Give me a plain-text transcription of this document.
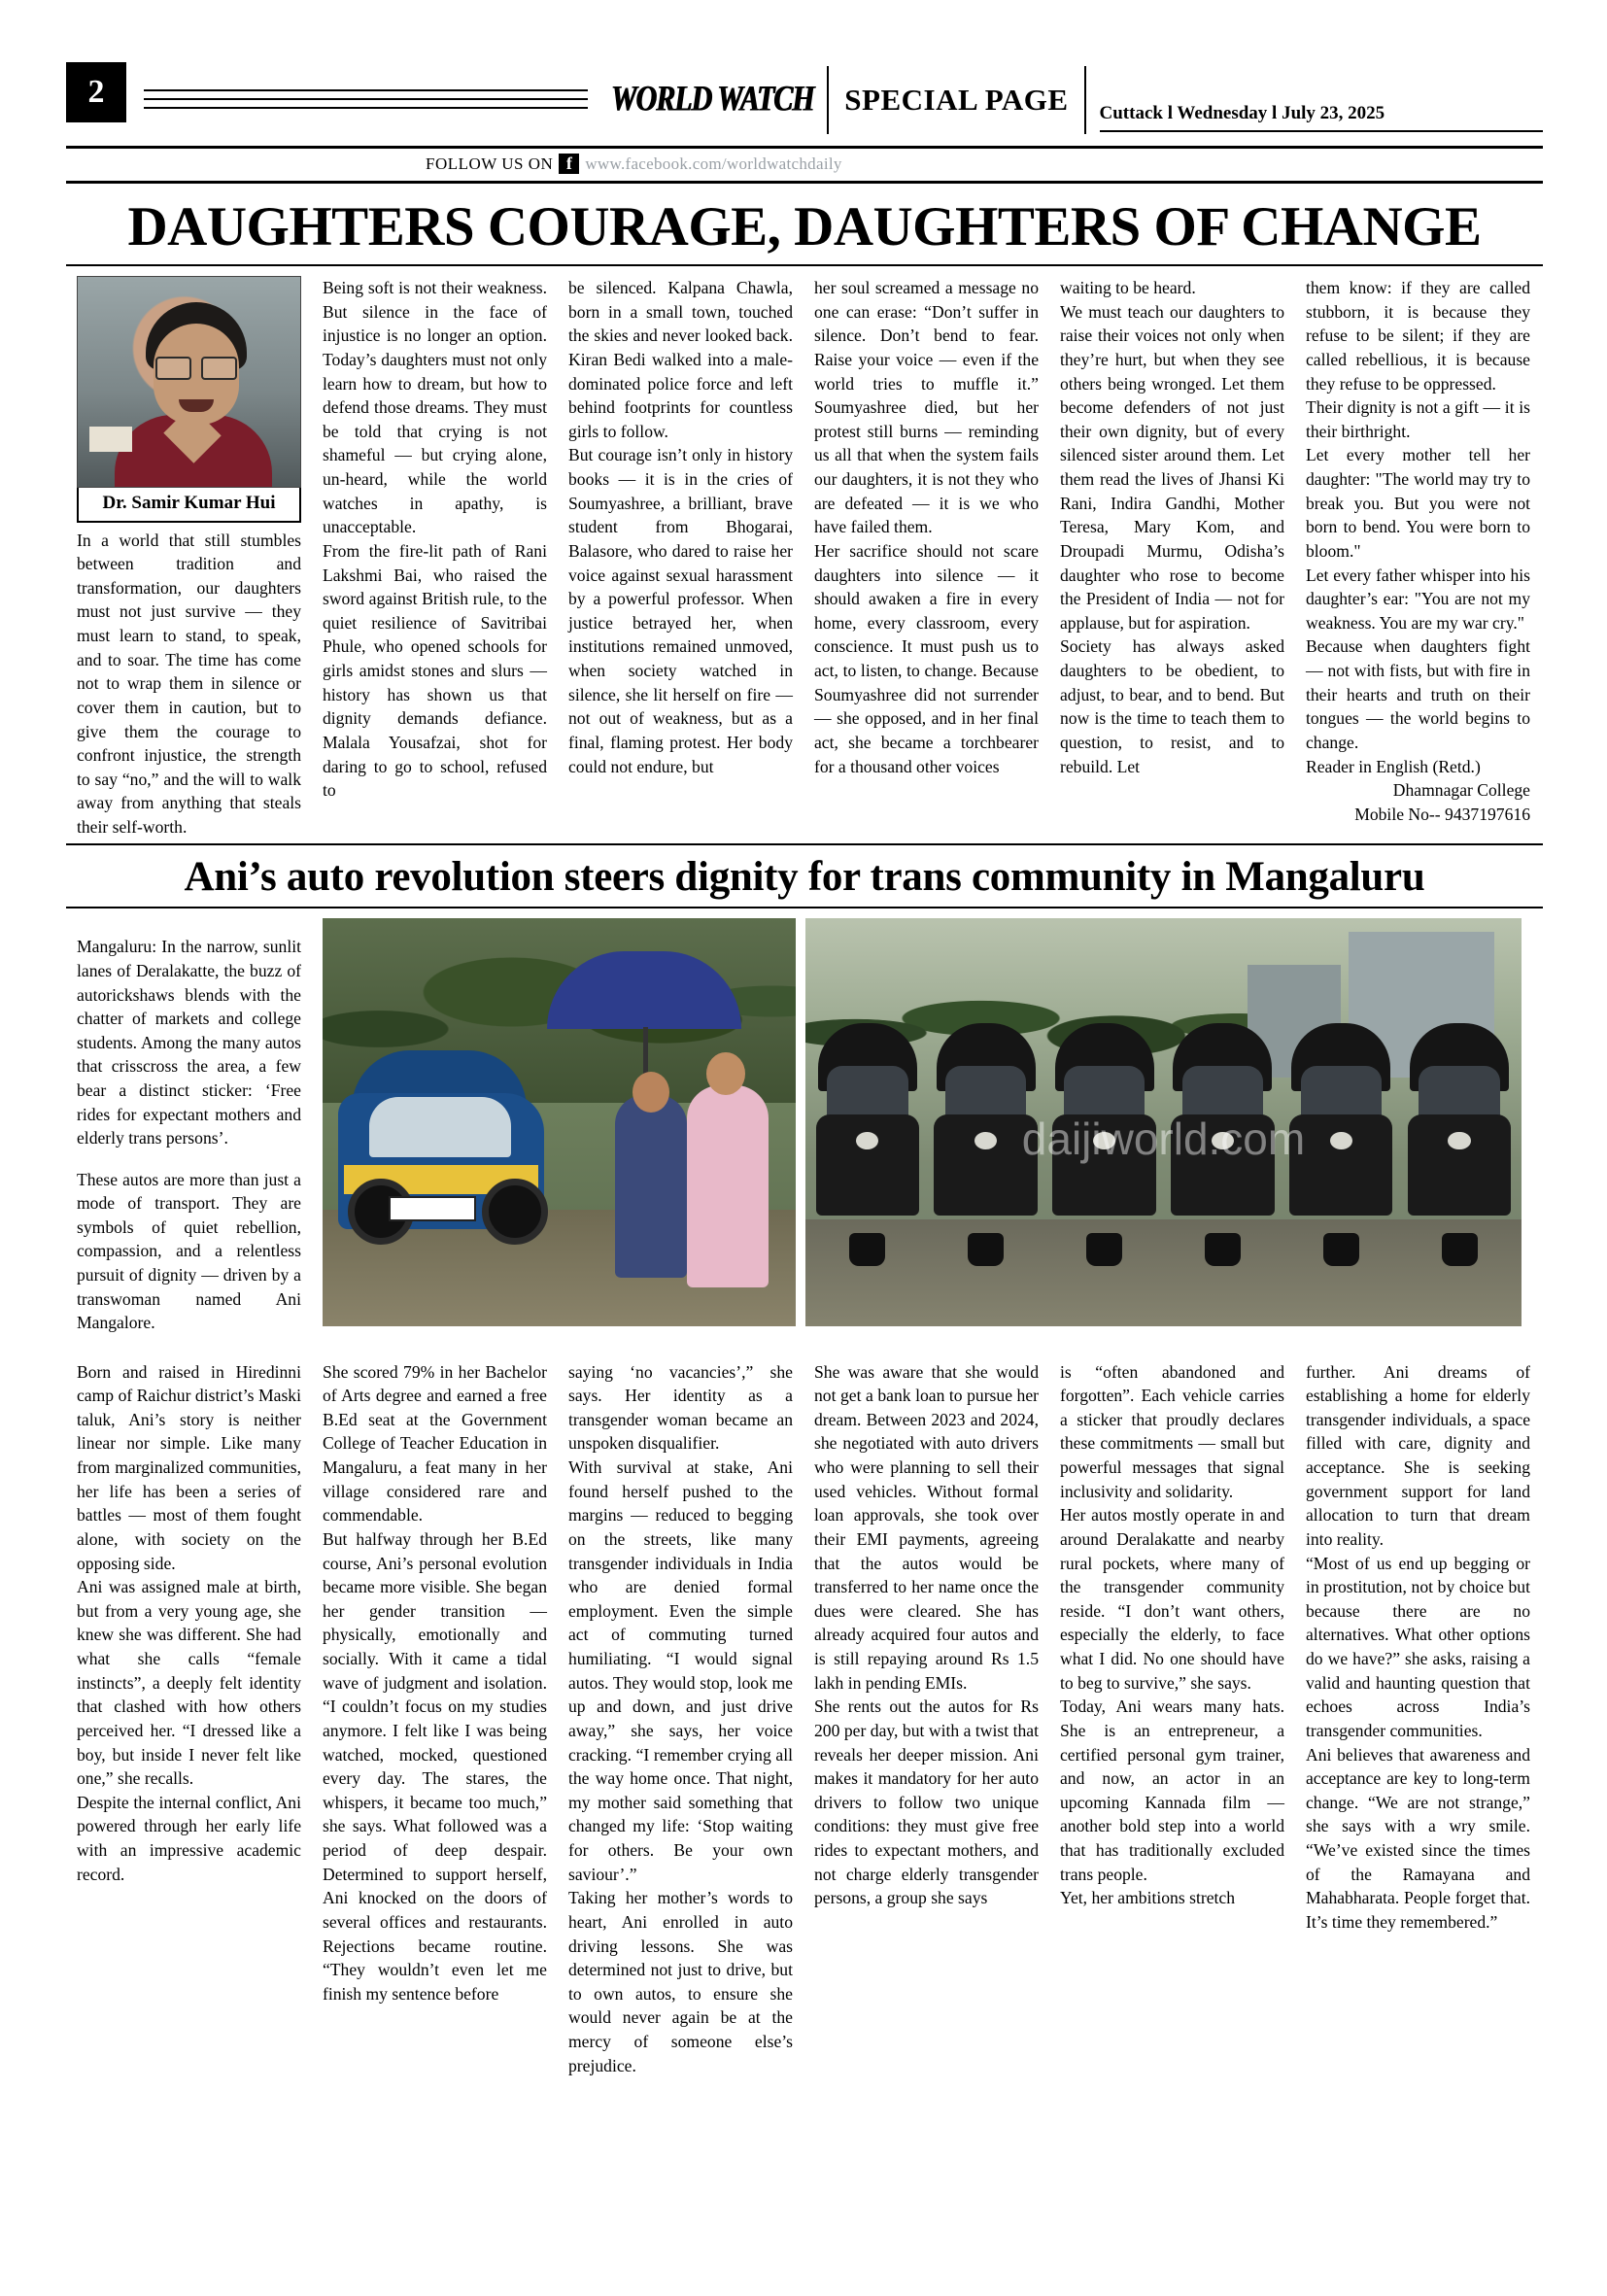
2	WORLD WATCH	SPECIAL PAGE Cuttack l Wednesday l July 23, 2025
FOLLOW US ON f www.facebook.com/worldwatchdaily
DAUGHTERS COURAGE, DAUGHTERS OF CHANGE
Dr. Samir Kumar Hui

In a world that still stumbles between tradition and transformation, our daughters must not just survive — they must learn to stand, to speak, and to soar. The time has come not to wrap them in silence or cover them in caution, but to give them the courage to confront injustice, the strength to say “no,” and the will to walk away from anything that steals their self-worth.

Being soft is not their weakness. But silence in the face of injustice is no longer an option. Today’s daughters must not only learn how to dream, but how to defend those dreams. They must be told that crying is not shameful — but crying alone, un-heard, while the world watches in apathy, is unacceptable.

From the fire-lit path of Rani Lakshmi Bai, who raised the sword against British rule, to the quiet resilience of Savitribai Phule, who opened schools for girls amidst stones and slurs — history has shown us that dignity demands defiance. Malala Yousafzai, shot for daring to go to school, refused to

be silenced. Kalpana Chawla, born in a small town, touched the skies and never looked back. Kiran Bedi walked into a male-dominated police force and left behind footprints for countless girls to follow.

But courage isn’t only in history books — it is in the cries of Soumyashree, a brilliant, brave student from Bhogarai, Balasore, who dared to raise her voice against sexual harassment by a powerful professor. When justice betrayed her, when institutions remained unmoved, when society watched in silence, she lit herself on fire — not out of weakness, but as a final, flaming protest. Her body could not endure, but

her soul screamed a message no one can erase: “Don’t suffer in silence. Don’t bend to fear. Raise your voice — even if the world tries to muffle it.” Soumyashree died, but her protest still burns — reminding us all that when the system fails our daughters, it is not they who are defeated — it is we who have failed them.

Her sacrifice should not scare daughters into silence — it should awaken a fire in every home, every classroom, every conscience. It must push us to act, to listen, to change. Because Soumyashree did not surrender — she opposed, and in her final act, she became a torchbearer for a thousand other voices

waiting to be heard.

We must teach our daughters to raise their voices not only when they’re hurt, but when they see others being wronged. Let them become defenders of not just their own dignity, but of every silenced sister around them. Let them read the lives of Jhansi Ki Rani, Indira Gandhi, Mother Teresa, Mary Kom, and Droupadi Murmu, Odisha’s daughter who rose to become the President of India — not for applause, but for aspiration.

Society has always asked daughters to be obedient, to adjust, to bear, and to bend. But now is the time to teach them to question, to resist, and to rebuild. Let

them know: if they are called stubborn, it is because they refuse to be silent; if they are called rebellious, it is because they refuse to be oppressed.

Their dignity is not a gift — it is their birthright.

Let every mother tell her daughter: "The world may try to break you. But you were not born to bend. You were born to bloom."

Let every father whisper into his daughter’s ear: "You are not my weakness. You are my war cry."

Because when daughters fight — not with fists, but with fire in their hearts and truth on their tongues — the world begins to change.

Reader in English (Retd.)

Dhamnagar College

Mobile No-- 9437197616

Ani’s auto revolution steers dignity for trans community in Mangaluru

Mangaluru: In the narrow, sunlit lanes of Deralakatte, the buzz of autorickshaws blends with the chatter of markets and college students. Among the many autos that crisscross the area, a few bear a distinct sticker: ‘Free rides for expectant mothers and elderly trans persons’.

These autos are more than just a mode of transport. They are symbols of quiet rebellion, compassion, and a relentless pursuit of dignity — driven by a transwoman named Ani Mangalore.

daijiworld.com

Born and raised in Hiredinni camp of Raichur district’s Maski taluk, Ani’s story is neither linear nor simple. Like many from marginalized communities, her life has been a series of battles — most of them fought alone, with society on the opposing side.

Ani was assigned male at birth, but from a very young age, she knew she was different. She had what she calls “female instincts”, a deeply felt identity that clashed with how others perceived her. “I dressed like a boy, but inside I never felt like one,” she recalls.

Despite the internal conflict, Ani powered through her early life with an impressive academic record.

She scored 79% in her Bachelor of Arts degree and earned a free B.Ed seat at the Government College of Teacher Education in Mangaluru, a feat many in her village considered rare and commendable.

But halfway through her B.Ed course, Ani’s personal evolution became more visible. She began her gender transition — physically, emotionally and socially. With it came a tidal wave of judgment and isolation. “I couldn’t focus on my studies anymore. I felt like I was being watched, mocked, questioned every day. The stares, the whispers, it became too much,” she says. What followed was a period of deep despair. Determined to support herself, Ani knocked on the doors of several offices and restaurants. Rejections became routine. “They wouldn’t even let me finish my sentence before

saying ‘no vacancies’,” she says. Her identity as a transgender woman became an unspoken disqualifier.

With survival at stake, Ani found herself pushed to the margins — reduced to begging on the streets, like many transgender individuals in India who are denied formal employment. Even the simple act of commuting turned humiliating. “I would signal autos. They would stop, look me up and down, and just drive away,” she says, her voice cracking. “I remember crying all the way home once. That night, my mother said something that changed my life: ‘Stop waiting for others. Be your own saviour’.”

Taking her mother’s words to heart, Ani enrolled in auto driving lessons. She was determined not just to drive, but to own autos, to ensure she would never again be at the mercy of someone else’s prejudice.

She was aware that she would not get a bank loan to pursue her dream. Between 2023 and 2024, she negotiated with auto drivers who were planning to sell their used vehicles. Without formal loan approvals, she took over their EMI payments, agreeing that the autos would be transferred to her name once the dues were cleared. She has already acquired four autos and is still repaying around Rs 1.5 lakh in pending EMIs.

She rents out the autos for Rs 200 per day, but with a twist that reveals her deeper mission. Ani makes it mandatory for her auto drivers to follow two unique conditions: they must give free rides to expectant mothers, and not charge elderly transgender persons, a group she says

is “often abandoned and forgotten”. Each vehicle carries a sticker that proudly declares these commitments — small but powerful messages that signal inclusivity and solidarity.

Her autos mostly operate in and around Deralakatte and nearby rural pockets, where many of the transgender community reside. “I don’t want others, especially the elderly, to face what I did. No one should have to beg to survive,” she says.

Today, Ani wears many hats. She is an entrepreneur, a certified personal gym trainer, and now, an actor in an upcoming Kannada film — another bold step into a world that has traditionally excluded trans people.

Yet, her ambitions stretch

further. Ani dreams of establishing a home for elderly transgender individuals, a space filled with care, dignity and acceptance. She is seeking government support for land allocation to turn that dream into reality.

“Most of us end up begging or in prostitution, not by choice but because there are no alternatives. What other options do we have?” she asks, raising a valid and haunting question that echoes across India’s transgender communities.

Ani believes that awareness and acceptance are key to long-term change. “We are not strange,” she says with a wry smile. “We’ve existed since the times of the Ramayana and Mahabharata. People forget that. It’s time they remembered.”
